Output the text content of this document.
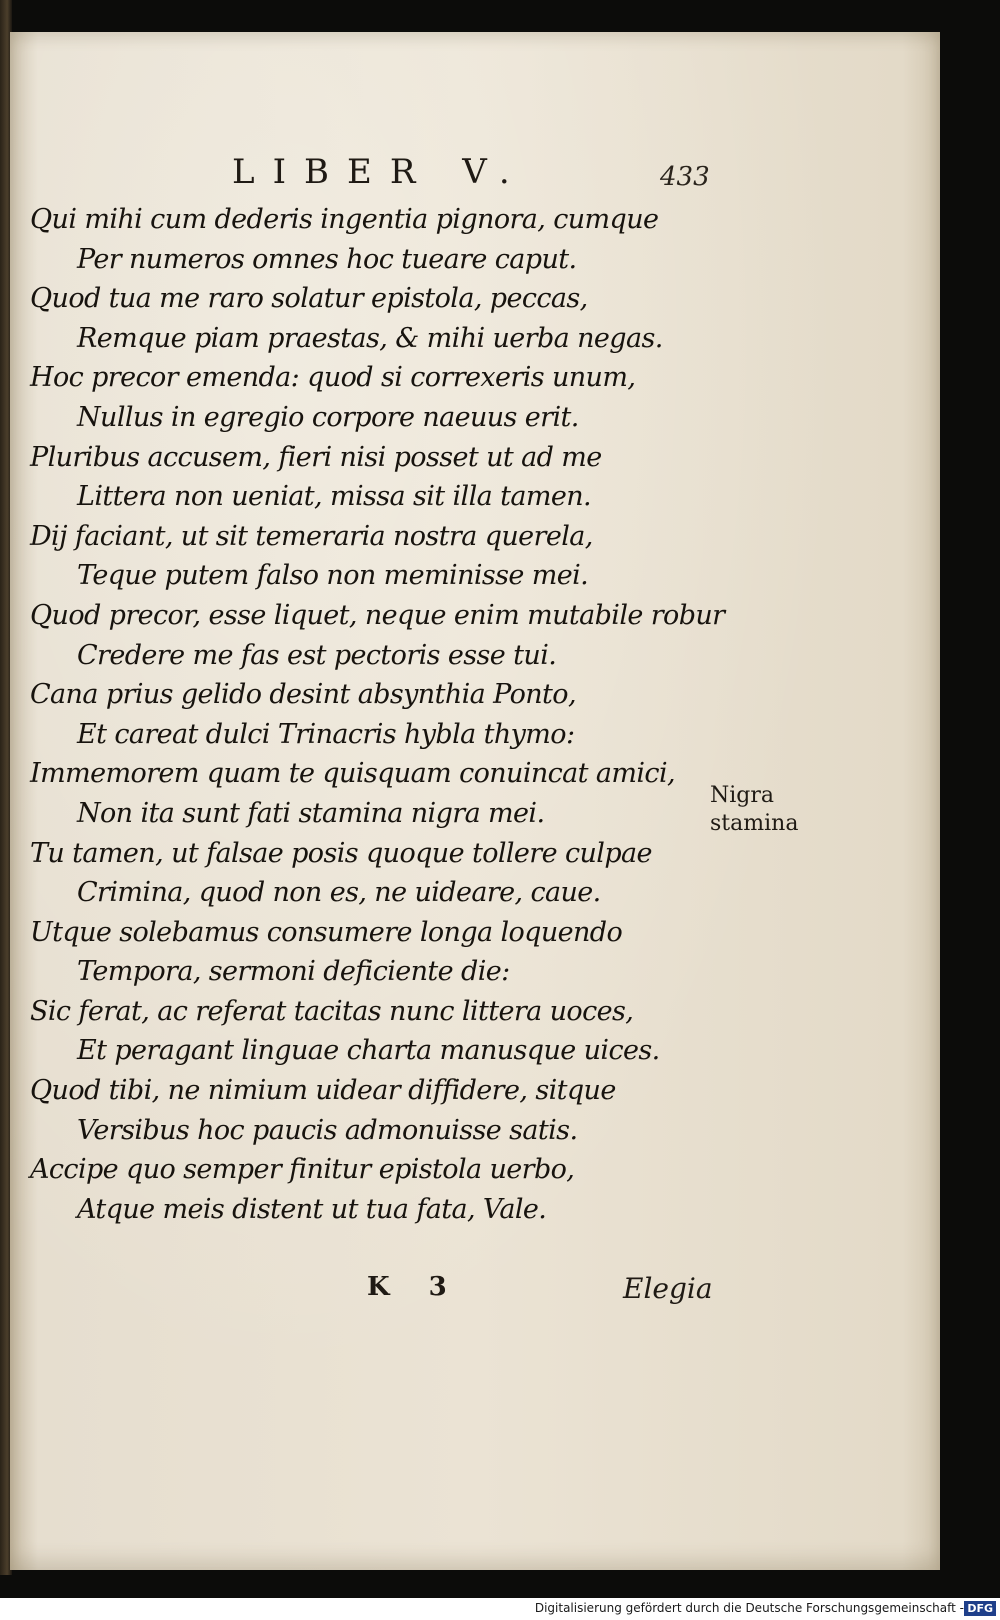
LIBER V.	433
Qui mihi cum dederis ingentia pignora, cumque
Per numeros omnes hoc tueare caput.
Quod tua me raro solatur epistola, peccas,
Remque piam praestas, & mihi uerba negas.
Hoc precor emenda: quod si correxeris unum,
Nullus in egregio corpore naeuus erit.
Pluribus accusem, fieri nisi posset ut ad me
Littera non ueniat, missa sit illa tamen.
Dij faciant, ut sit temeraria nostra querela,
Teque putem falso non meminisse mei.
Quod precor, esse liquet, neque enim mutabile robur
Credere me fas est pectoris esse tui.
Cana prius gelido desint absynthia Ponto,
Et careat dulci Trinacris hybla thymo:
Immemorem quam te quisquam conuincat amici,
Non ita sunt fati stamina nigra mei.
Tu tamen, ut falsae posis quoque tollere culpae
Crimina, quod non es, ne uideare, caue.
Utque solebamus consumere longa loquendo
Tempora, sermoni deficiente die:
Sic ferat, ac referat tacitas nunc littera uoces,
Et peragant linguae charta manusque uices.
Quod tibi, ne nimium uidear diffidere, sitque
Versibus hoc paucis admonuisse satis.
Accipe quo semper finitur epistola uerbo,
Atque meis distent ut tua fata, Vale.
Nigra
stamina
K 3	Elegia
Digitalisierung gefördert durch die Deutsche Forschungsgemeinschaft - DFG
